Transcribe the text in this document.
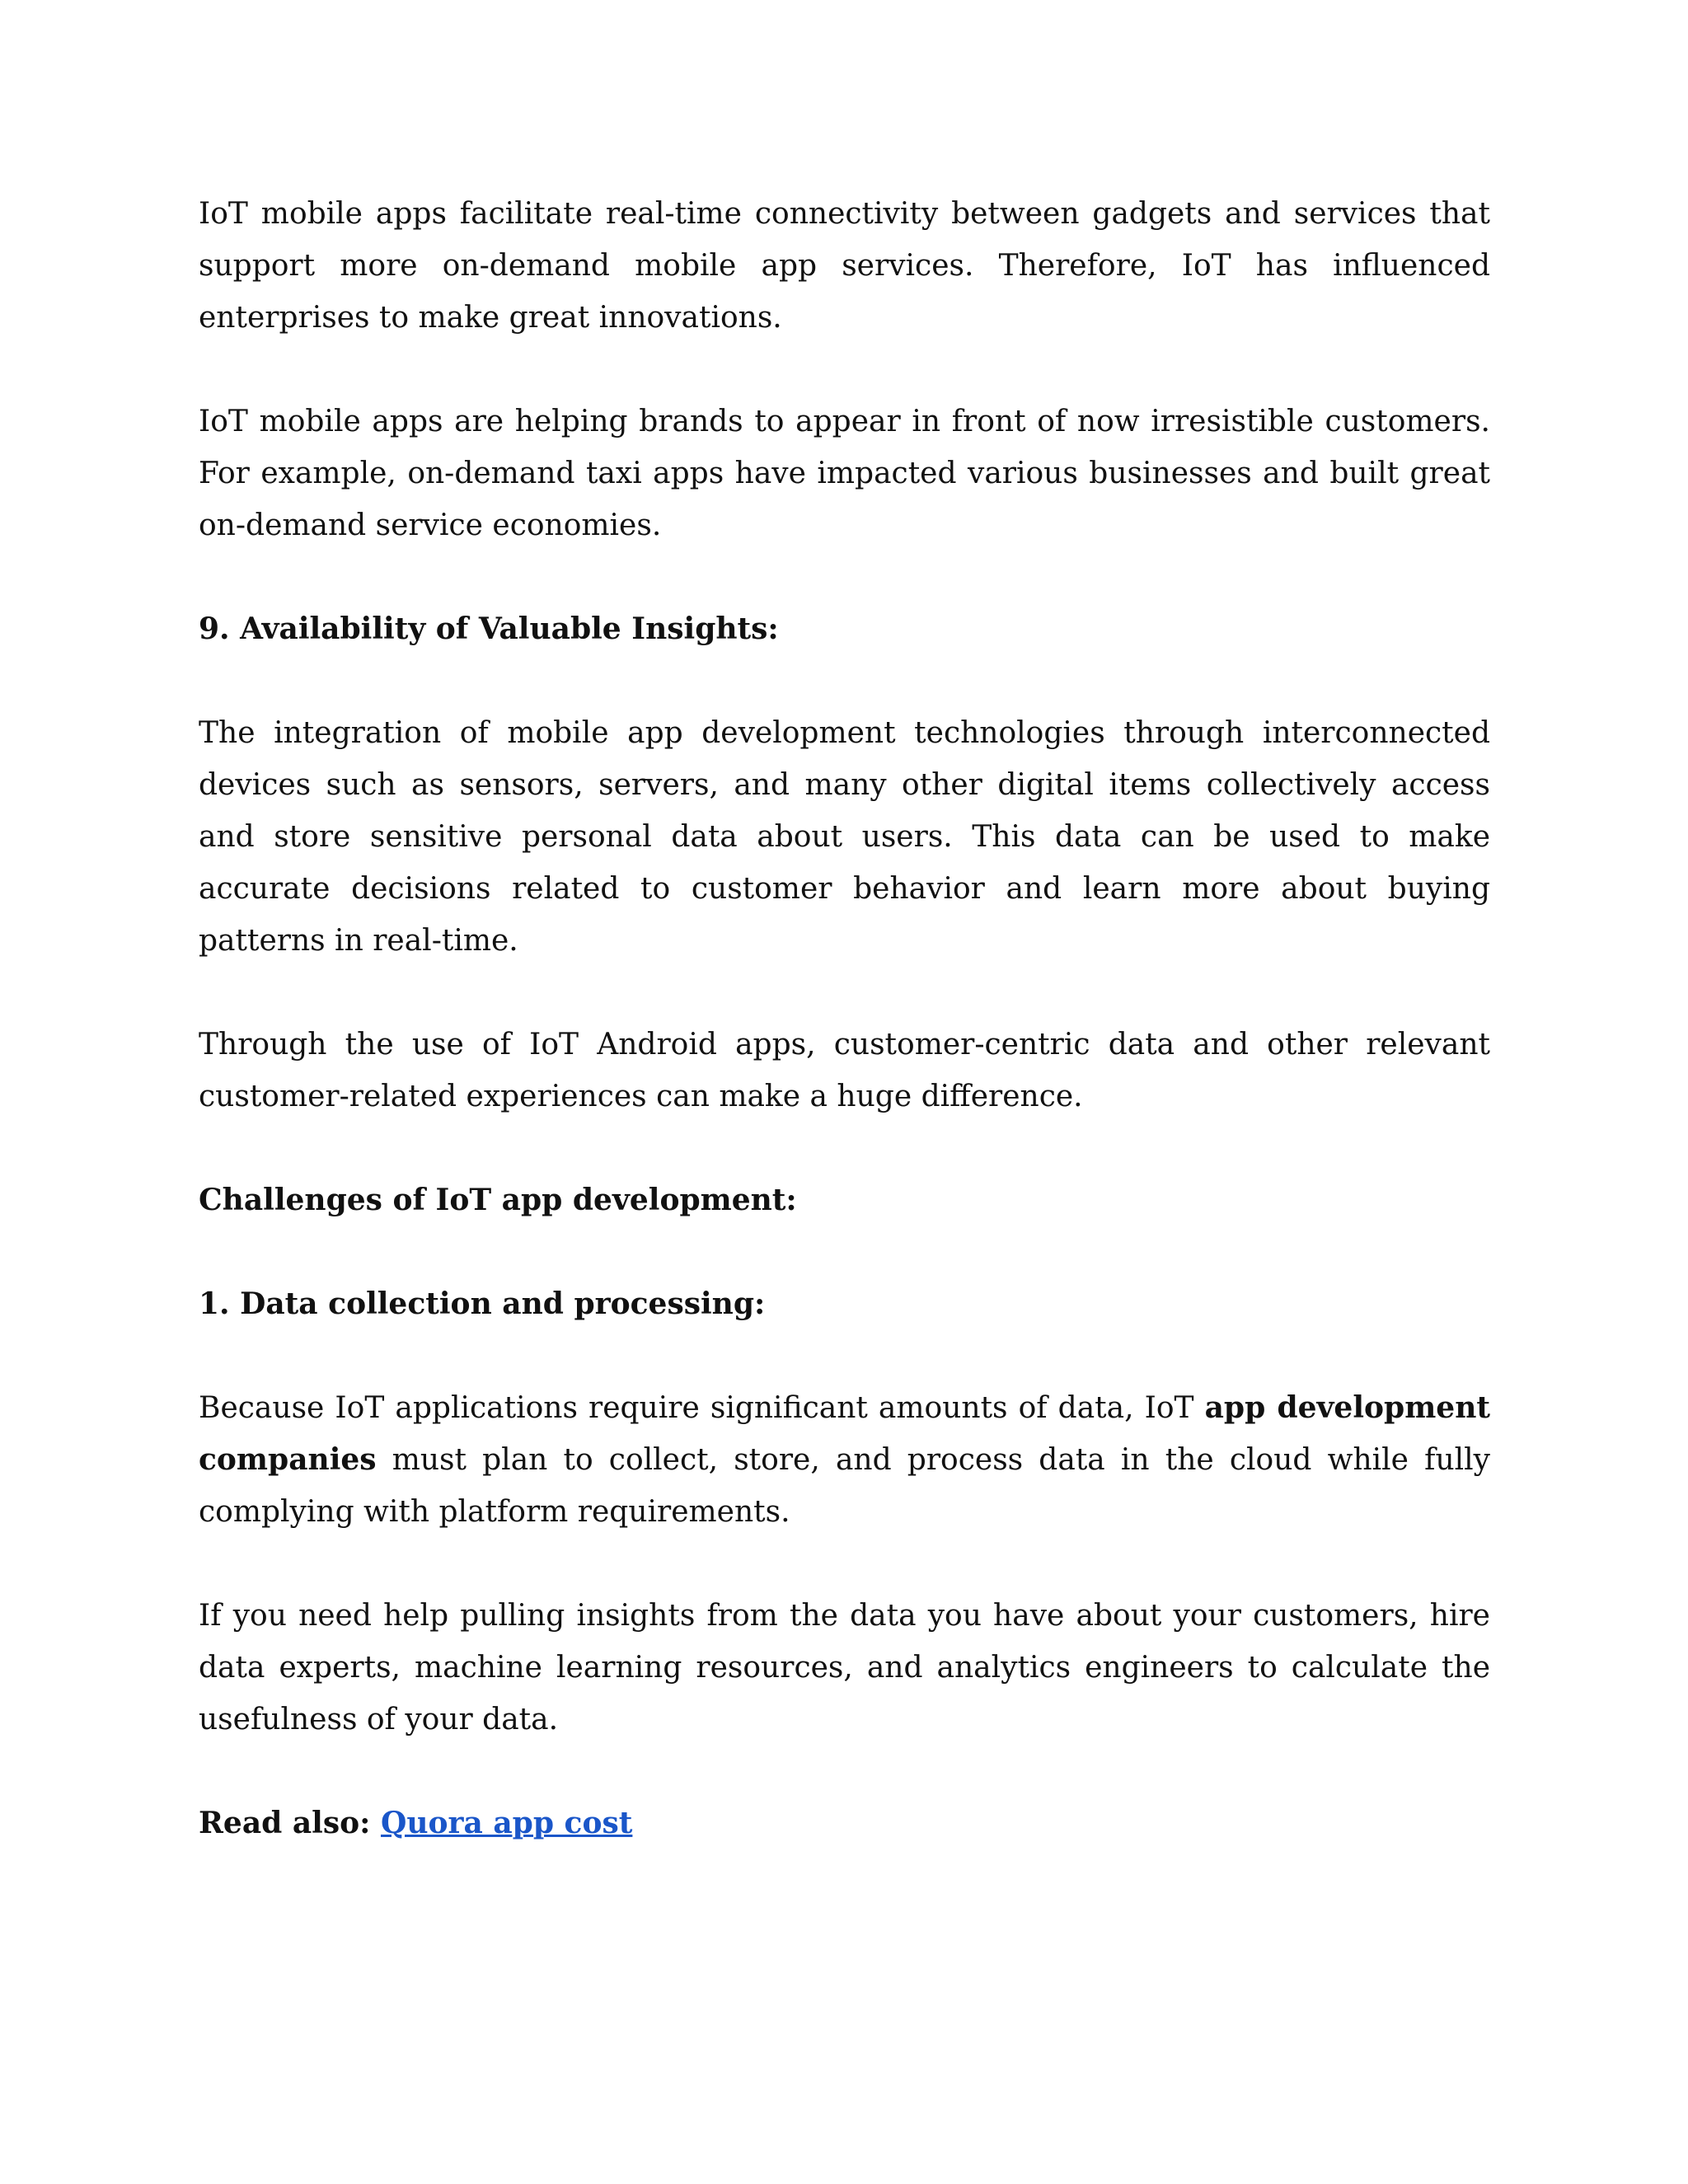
IoT mobile apps facilitate real-time connectivity between gadgets and services that support more on-demand mobile app services. Therefore, IoT has influenced enterprises to make great innovations.

IoT mobile apps are helping brands to appear in front of now irresistible customers. For example, on-demand taxi apps have impacted various businesses and built great on-demand service economies.

9. Availability of Valuable Insights:

The integration of mobile app development technologies through interconnected devices such as sensors, servers, and many other digital items collectively access and store sensitive personal data about users. This data can be used to make accurate decisions related to customer behavior and learn more about buying patterns in real-time.

Through the use of IoT Android apps, customer-centric data and other relevant customer-related experiences can make a huge difference.

Challenges of IoT app development:

1. Data collection and processing:

Because IoT applications require significant amounts of data, IoT app development companies must plan to collect, store, and process data in the cloud while fully complying with platform requirements.

If you need help pulling insights from the data you have about your customers, hire data experts, machine learning resources, and analytics engineers to calculate the usefulness of your data.

Read also: Quora app cost
